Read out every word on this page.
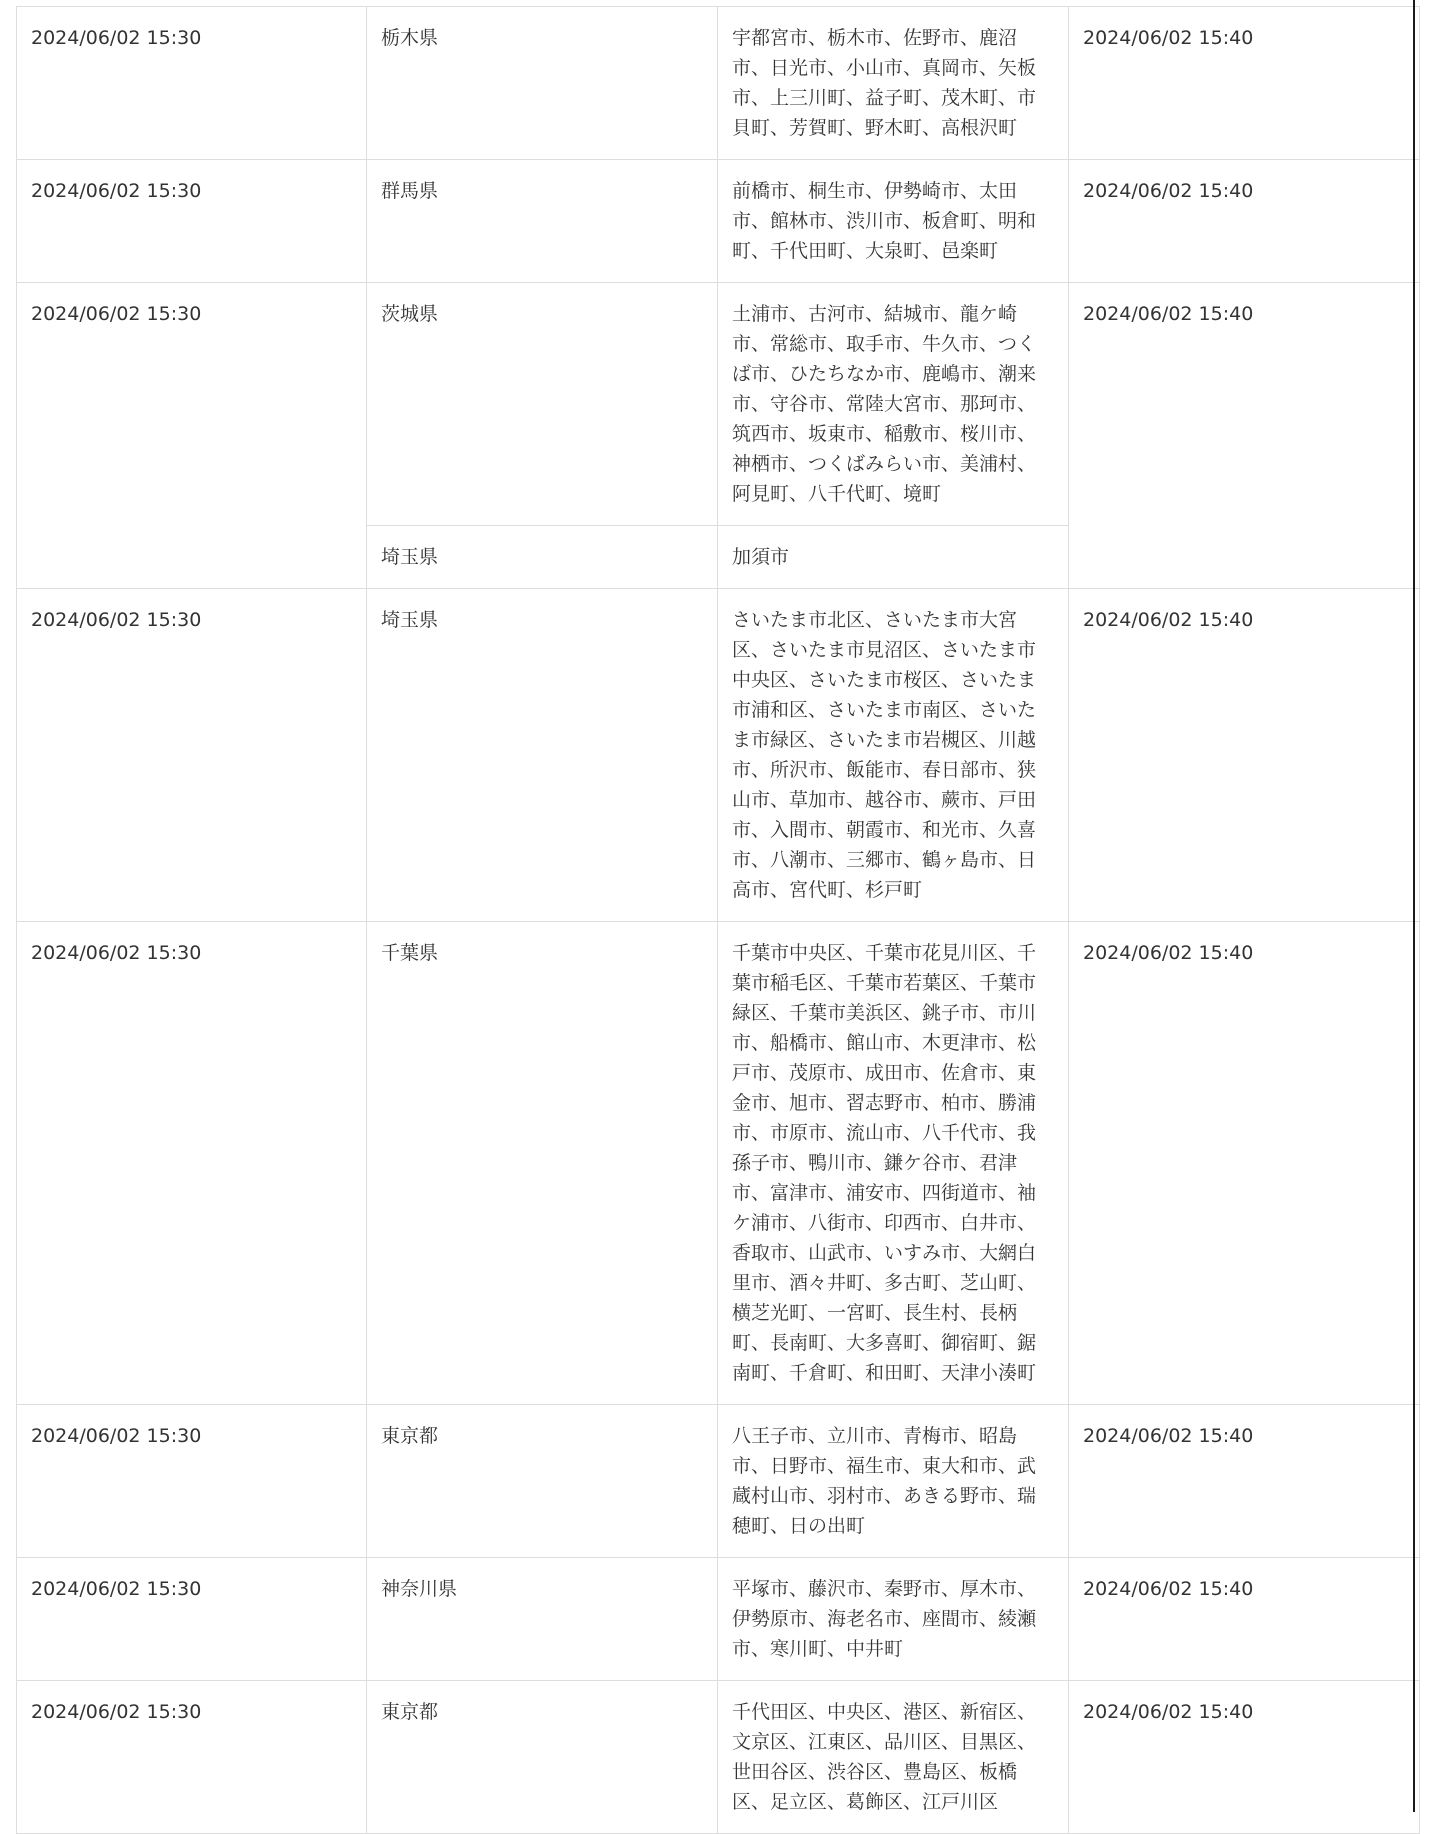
2024/06/02 15:30	栃木県	宇都宮市、栃木市、佐野市、鹿沼市、日光市、小山市、真岡市、矢板市、上三川町、益子町、茂木町、市貝町、芳賀町、野木町、高根沢町	2024/06/02 15:40
2024/06/02 15:30	群馬県	前橋市、桐生市、伊勢崎市、太田市、館林市、渋川市、板倉町、明和町、千代田町、大泉町、邑楽町	2024/06/02 15:40
2024/06/02 15:30	茨城県	土浦市、古河市、結城市、龍ケ崎市、常総市、取手市、牛久市、つくば市、ひたちなか市、鹿嶋市、潮来市、守谷市、常陸大宮市、那珂市、筑西市、坂東市、稲敷市、桜川市、神栖市、つくばみらい市、美浦村、阿見町、八千代町、境町	2024/06/02 15:40
	埼玉県	加須市	
2024/06/02 15:30	埼玉県	さいたま市北区、さいたま市大宮区、さいたま市見沼区、さいたま市中央区、さいたま市桜区、さいたま市浦和区、さいたま市南区、さいたま市緑区、さいたま市岩槻区、川越市、所沢市、飯能市、春日部市、狭山市、草加市、越谷市、蕨市、戸田市、入間市、朝霞市、和光市、久喜市、八潮市、三郷市、鶴ヶ島市、日高市、宮代町、杉戸町	2024/06/02 15:40
2024/06/02 15:30	千葉県	千葉市中央区、千葉市花見川区、千葉市稲毛区、千葉市若葉区、千葉市緑区、千葉市美浜区、銚子市、市川市、船橋市、館山市、木更津市、松戸市、茂原市、成田市、佐倉市、東金市、旭市、習志野市、柏市、勝浦市、市原市、流山市、八千代市、我孫子市、鴨川市、鎌ケ谷市、君津市、富津市、浦安市、四街道市、袖ケ浦市、八街市、印西市、白井市、香取市、山武市、いすみ市、大網白里市、酒々井町、多古町、芝山町、横芝光町、一宮町、長生村、長柄町、長南町、大多喜町、御宿町、鋸南町、千倉町、和田町、天津小湊町	2024/06/02 15:40
2024/06/02 15:30	東京都	八王子市、立川市、青梅市、昭島市、日野市、福生市、東大和市、武蔵村山市、羽村市、あきる野市、瑞穂町、日の出町	2024/06/02 15:40
2024/06/02 15:30	神奈川県	平塚市、藤沢市、秦野市、厚木市、伊勢原市、海老名市、座間市、綾瀬市、寒川町、中井町	2024/06/02 15:40
2024/06/02 15:30	東京都	千代田区、中央区、港区、新宿区、文京区、江東区、品川区、目黒区、世田谷区、渋谷区、豊島区、板橋区、足立区、葛飾区、江戸川区	2024/06/02 15:40
